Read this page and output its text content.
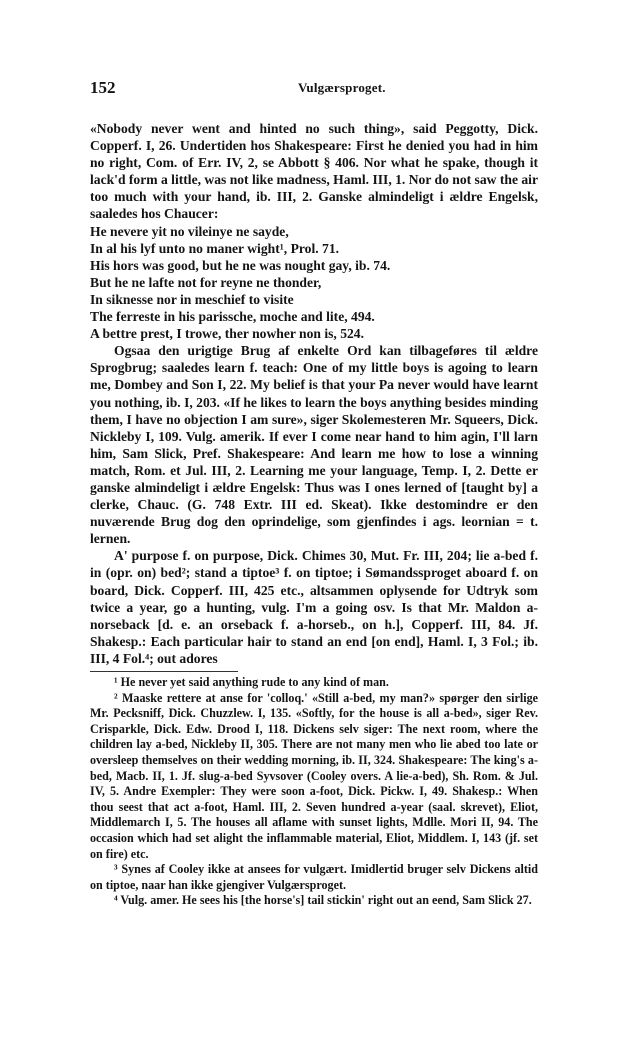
152	Vulgærsproget.

«Nobody never went and hinted no such thing», said Peggotty, Dick. Copperf. I, 26. Undertiden hos Shakespeare: First he denied you had in him no right, Com. of Err. IV, 2, se Abbott § 406. Nor what he spake, though it lack'd form a little, was not like madness, Haml. III, 1. Nor do not saw the air too much with your hand, ib. III, 2. Ganske almindeligt i ældre Engelsk, saaledes hos Chaucer:

He nevere yit no vileinye ne sayde,

In al his lyf unto no maner wight¹, Prol. 71.

His hors was good, but he ne was nought gay, ib. 74.

But he ne lafte not for reyne ne thonder,

In siknesse nor in meschief to visite

The ferreste in his parissche, moche and lite, 494.

A bettre prest, I trowe, ther nowher non is, 524.

Ogsaa den urigtige Brug af enkelte Ord kan tilbageføres til ældre Sprogbrug; saaledes learn f. teach: One of my little boys is agoing to learn me, Dombey and Son I, 22. My belief is that your Pa never would have learnt you nothing, ib. I, 203. «If he likes to learn the boys anything besides minding them, I have no objection I am sure», siger Skolemesteren Mr. Squeers, Dick. Nickleby I, 109. Vulg. amerik. If ever I come near hand to him agin, I'll larn him, Sam Slick, Pref. Shakespeare: And learn me how to lose a winning match, Rom. et Jul. III, 2. Learning me your language, Temp. I, 2. Dette er ganske almindeligt i ældre Engelsk: Thus was I ones lerned of [taught by] a clerke, Chauc. (G. 748 Extr. III ed. Skeat). Ikke destomindre er den nuværende Brug dog den oprindelige, som gjenfindes i ags. leornian = t. lernen.

A' purpose f. on purpose, Dick. Chimes 30, Mut. Fr. III, 204; lie a-bed f. in (opr. on) bed²; stand a tiptoe³ f. on tiptoe; i Sømandssproget aboard f. on board, Dick. Copperf. III, 425 etc., altsammen oplysende for Udtryk som twice a year, go a hunting, vulg. I'm a going osv. Is that Mr. Maldon a-norseback [d. e. an orseback f. a-horseb., on h.], Copperf. III, 84. Jf. Shakesp.: Each particular hair to stand an end [on end], Haml. I, 3 Fol.; ib. III, 4 Fol.⁴; out adores

¹ He never yet said anything rude to any kind of man.

² Maaske rettere at anse for 'colloq.' «Still a-bed, my man?» spørger den sirlige Mr. Pecksniff, Dick. Chuzzlew. I, 135. «Softly, for the house is all a-bed», siger Rev. Crisparkle, Dick. Edw. Drood I, 118. Dickens selv siger: The next room, where the children lay a-bed, Nickleby II, 305. There are not many men who lie abed too late or oversleep themselves on their wedding morning, ib. II, 324. Shakespeare: The king's a-bed, Macb. II, 1. Jf. slug-a-bed Syvsover (Cooley overs. A lie-a-bed), Sh. Rom. & Jul. IV, 5. Andre Exempler: They were soon a-foot, Dick. Pickw. I, 49. Shakesp.: When thou seest that act a-foot, Haml. III, 2. Seven hundred a-year (saal. skrevet), Eliot, Middlemarch I, 5. The houses all aflame with sunset lights, Mdlle. Mori II, 94. The occasion which had set alight the inflammable material, Eliot, Middlem. I, 143 (jf. set on fire) etc.

³ Synes af Cooley ikke at ansees for vulgært. Imidlertid bruger selv Dickens altid on tiptoe, naar han ikke gjengiver Vulgærsproget.

⁴ Vulg. amer. He sees his [the horse's] tail stickin' right out an eend, Sam Slick 27.
